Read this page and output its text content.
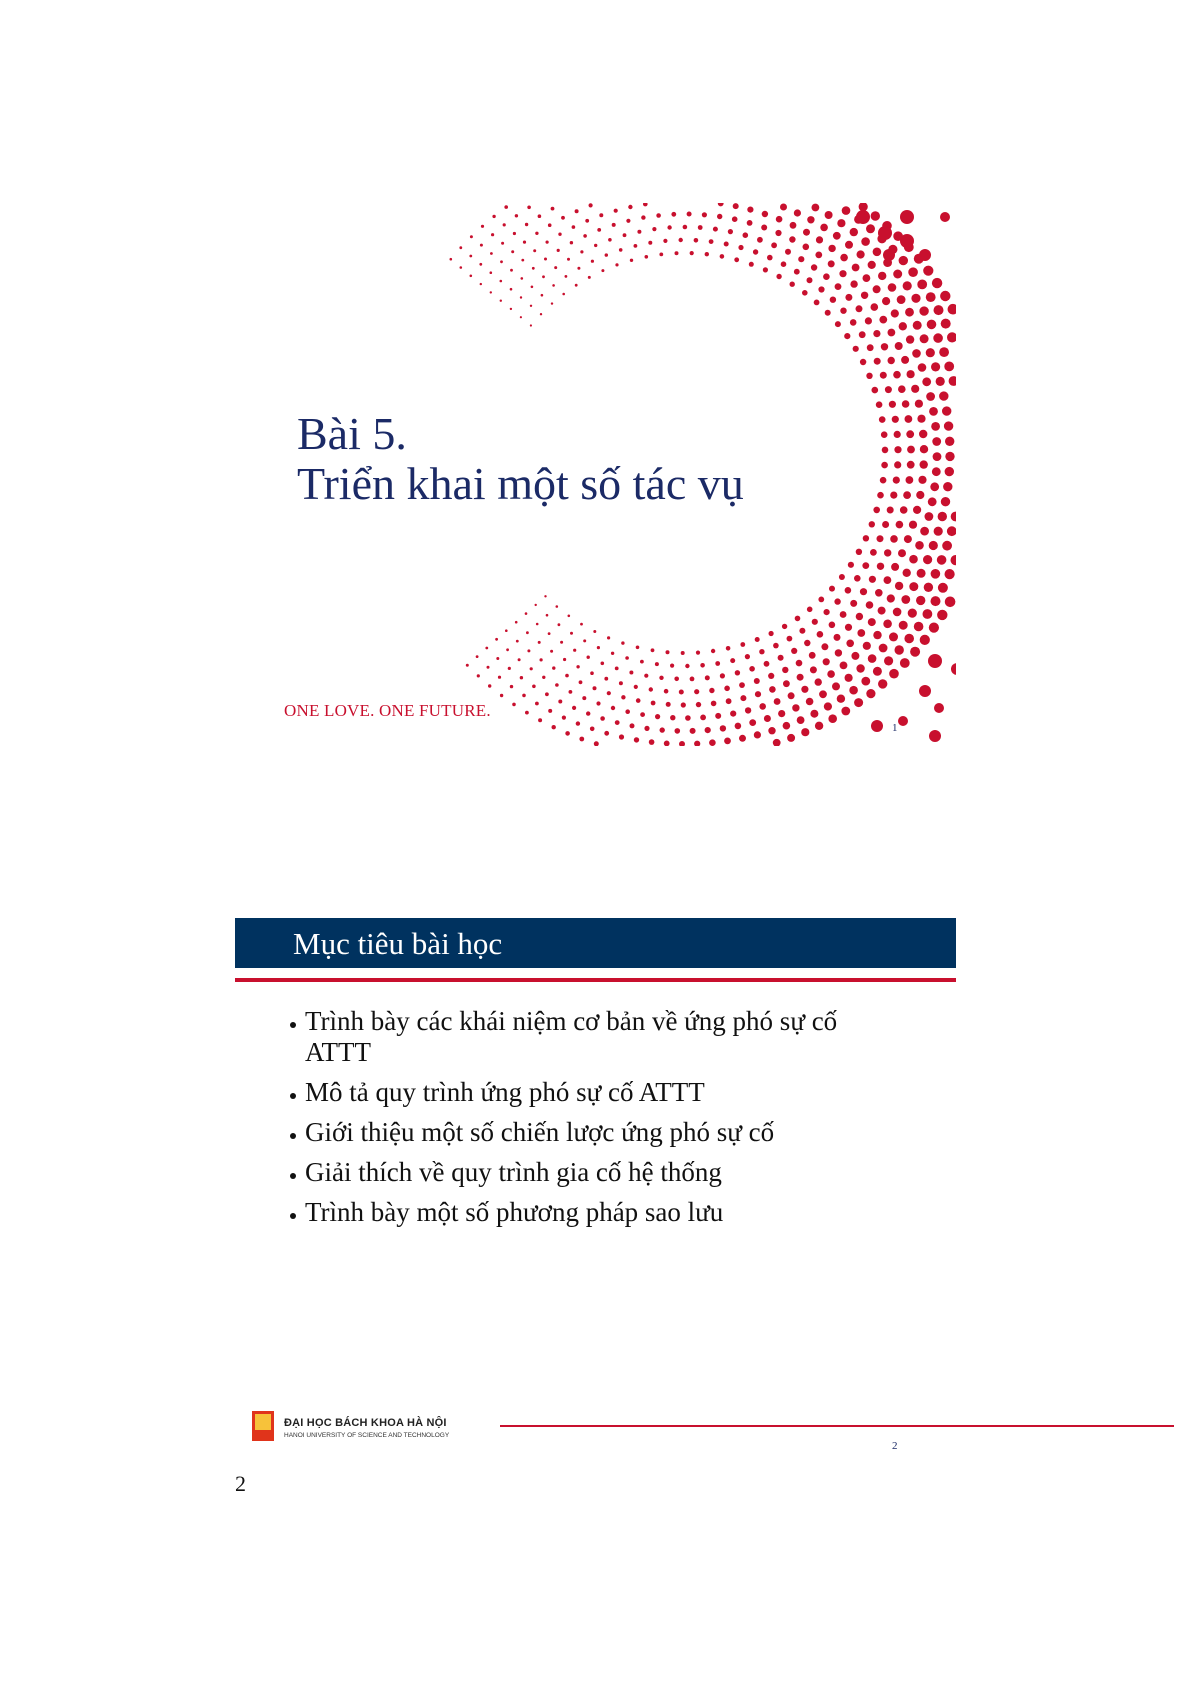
Bài 5.
Triển khai một số tác vụ
ONE LOVE. ONE FUTURE.
1
Mục tiêu bài học
Trình bày các khái niệm cơ bản về ứng phó sự cố
ATTT
Mô tả quy trình ứng phó sự cố ATTT
Giới thiệu một số chiến lược ứng phó sự cố
Giải thích về quy trình gia cố hệ thống
Trình bày một số phương pháp sao lưu
ĐẠI HỌC BÁCH KHOA HÀ NỘI
HANOI UNIVERSITY OF SCIENCE AND TECHNOLOGY
2
2
